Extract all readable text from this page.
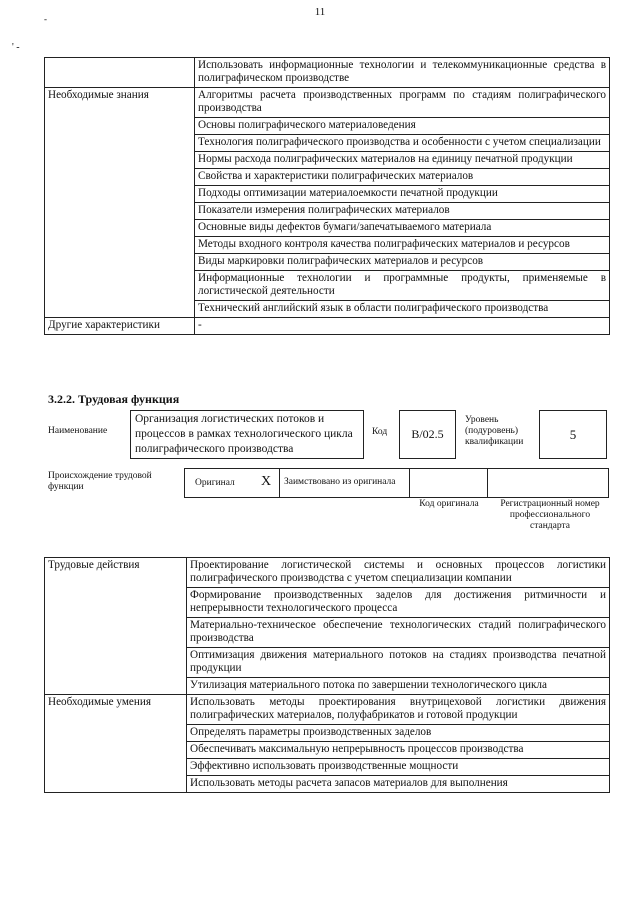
11
-
' -
	Использовать информационные технологии и телекоммуникационные средства в полиграфическом производстве
Необходимые знания	Алгоритмы расчета производственных программ по стадиям полиграфического производства
	Основы полиграфического материаловедения
	Технология полиграфического производства и особенности с учетом специализации
	Нормы расхода полиграфических материалов на единицу печатной продукции
	Свойства и характеристики полиграфических материалов
	Подходы оптимизации материалоемкости печатной продукции
	Показатели измерения полиграфических материалов
	Основные виды дефектов бумаги/запечатываемого материала
	Методы входного контроля качества полиграфических материалов и ресурсов
	Виды маркировки полиграфических материалов и ресурсов
	Информационные технологии и программные продукты, применяемые в логистической деятельности
	Технический английский язык в области полиграфического производства
Другие характеристики	-
3.2.2. Трудовая функция
Наименование
Организация логистических потоков и процессов в рамках технологического цикла полиграфического производства
Код B/02.5
Уровень (подуровень) квалификации
5
Происхождение трудовой функции	Оригинал X	Заимствовано из оригинала
Код оригинала	Регистрационный номер профессионального стандарта
Трудовые действия	Проектирование логистической системы и основных процессов логистики полиграфического производства с учетом специализации компании
	Формирование производственных заделов для достижения ритмичности и непрерывности технологического процесса
	Материально-техническое обеспечение технологических стадий полиграфического производства
	Оптимизация движения материального потоков на стадиях производства печатной продукции
	Утилизация материального потока по завершении технологического цикла
Необходимые умения	Использовать методы проектирования внутрицеховой логистики движения полиграфических материалов, полуфабрикатов и готовой продукции
	Определять параметры производственных заделов
	Обеспечивать максимальную непрерывность процессов производства
	Эффективно использовать производственные мощности
	Использовать методы расчета запасов материалов для выполнения
